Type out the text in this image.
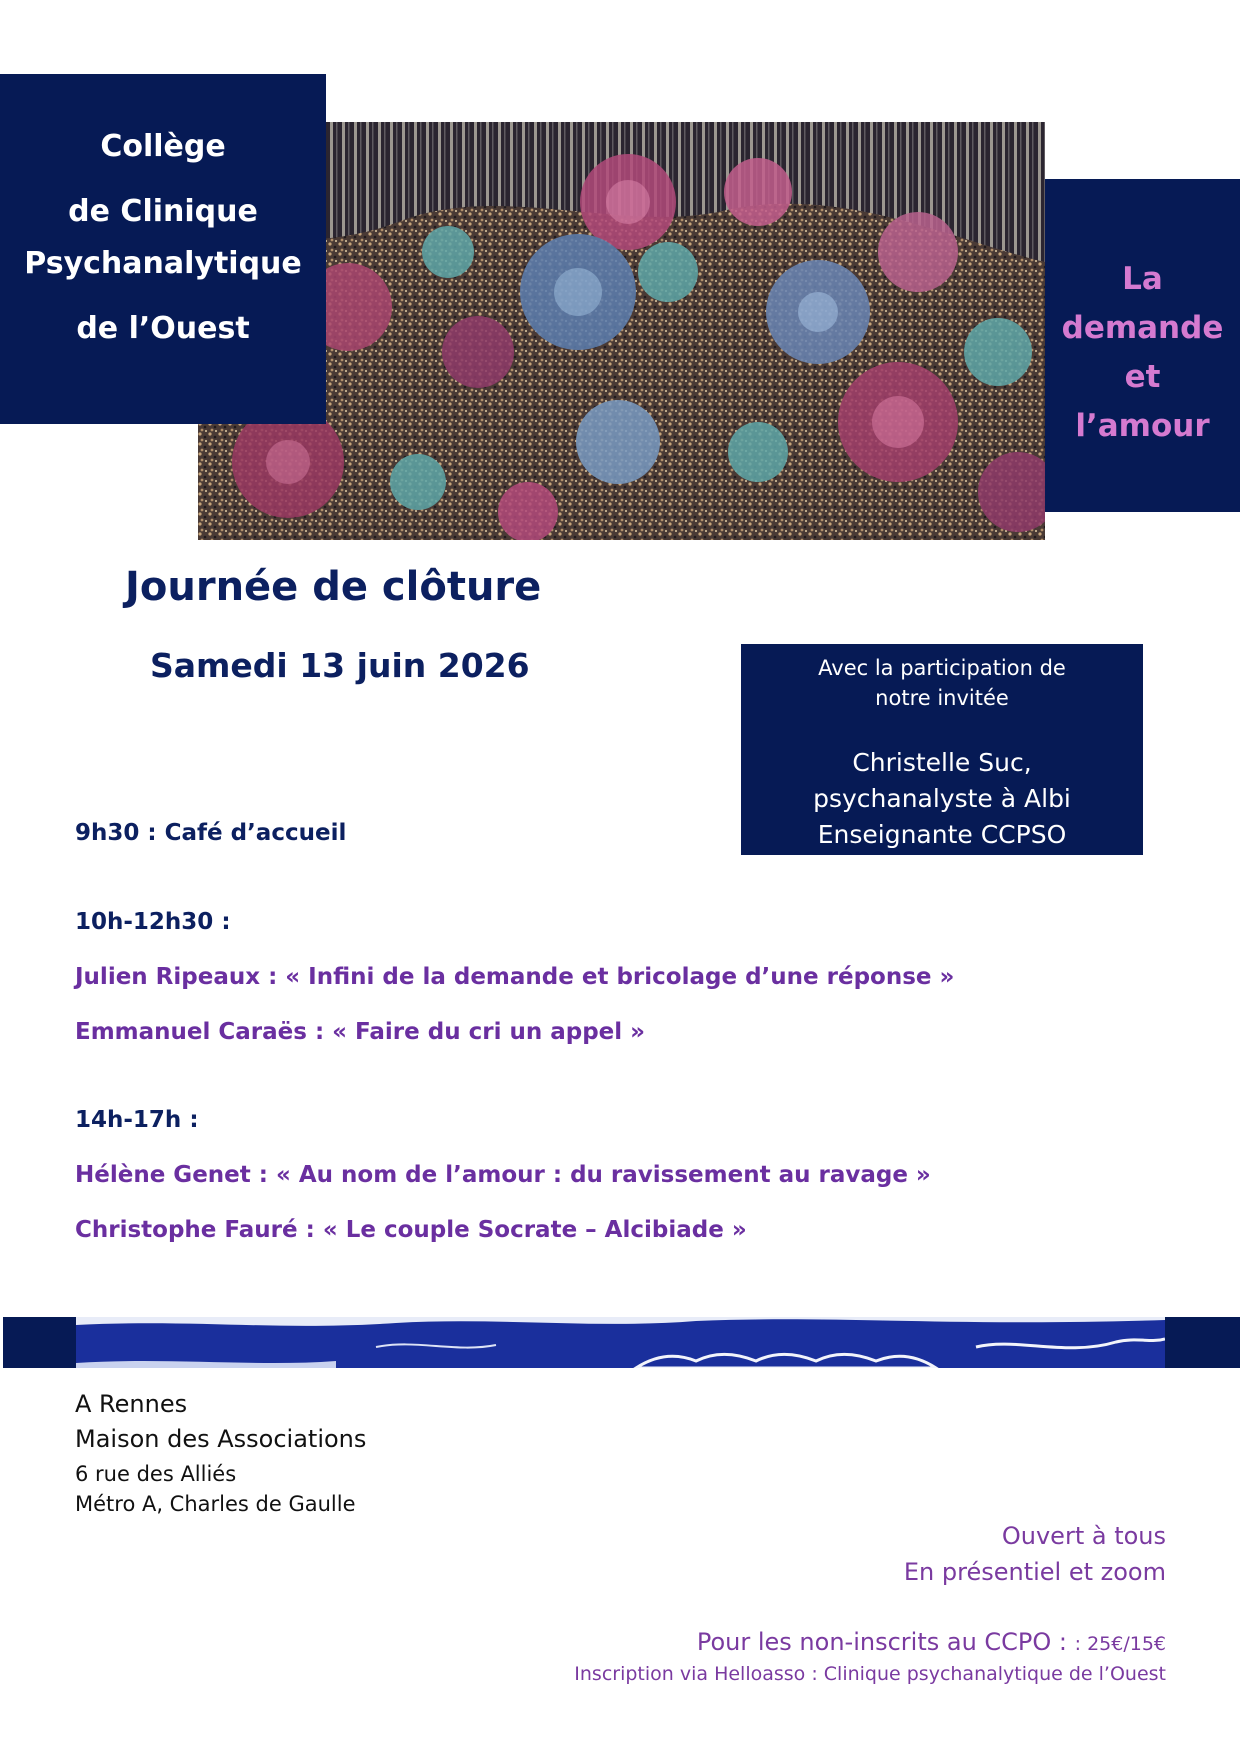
Collège
de Clinique
Psychanalytique
de l’Ouest
La
demande
et
l’amour
Journée de clôture
Samedi 13 juin 2026	Avec la participation de
notre invitée
Christelle Suc,
psychanalyste à Albi
Enseignante CCPSO
9h30 : Café d’accueil
10h-12h30 :
Julien Ripeaux : « Infini de la demande et bricolage d’une réponse »
Emmanuel Caraës : « Faire du cri un appel »
14h-17h :
Hélène Genet : « Au nom de l’amour : du ravissement au ravage »
Christophe Fauré : « Le couple Socrate – Alcibiade »
A Rennes
Maison des Associations
6 rue des Alliés
Métro A, Charles de Gaulle
Ouvert à tous
En présentiel et zoom
Pour les non-inscrits au CCPO : : 25€/15€
Inscription via Helloasso : Clinique psychanalytique de l’Ouest
